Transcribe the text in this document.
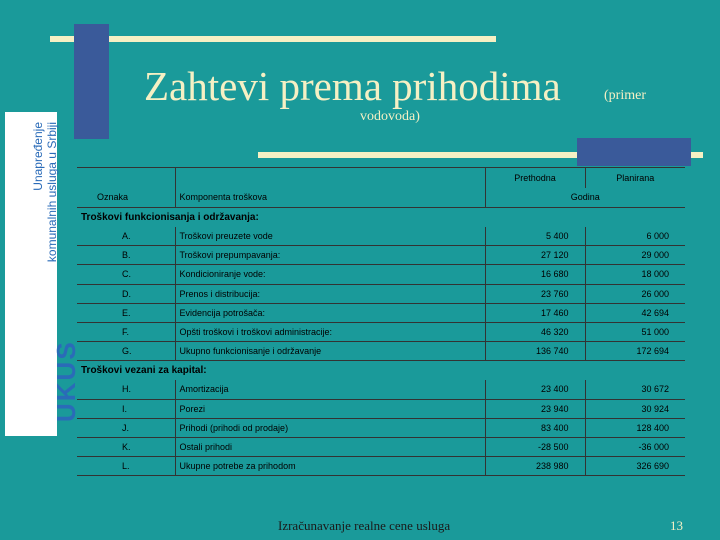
Zahtevi prema prihodima	(primer
vodovoda)
Unapređenje komunalnih usluga u Srbiji
UKUS
		Prethodna	Planirana
Oznaka	Komponenta troškova	Godina	
Troškovi funkcionisanja i održavanja:			
A.	Troškovi preuzete vode	5 400	6 000
B.	Troškovi prepumpavanja:	27 120	29 000
C.	Kondicioniranje vode:	16 680	18 000
D.	Prenos i distribucija:	23 760	26 000
E.	Evidencija potrošača:	17 460	42 694
F.	Opšti troškovi i troškovi administracije:	46 320	51 000
G.	Ukupno funkcionisanje i održavanje	136 740	172 694
Troškovi vezani za kapital:			
H.	Amortizacija	23 400	30 672
I.	Porezi	23 940	30 924
J.	Prihodi (prihodi od prodaje)	83 400	128 400
K.	Ostali prihodi	-28 500	-36 000
L.	Ukupne potrebe za prihodom	238 980	326 690
Izračunavanje realne cene usluga	13
